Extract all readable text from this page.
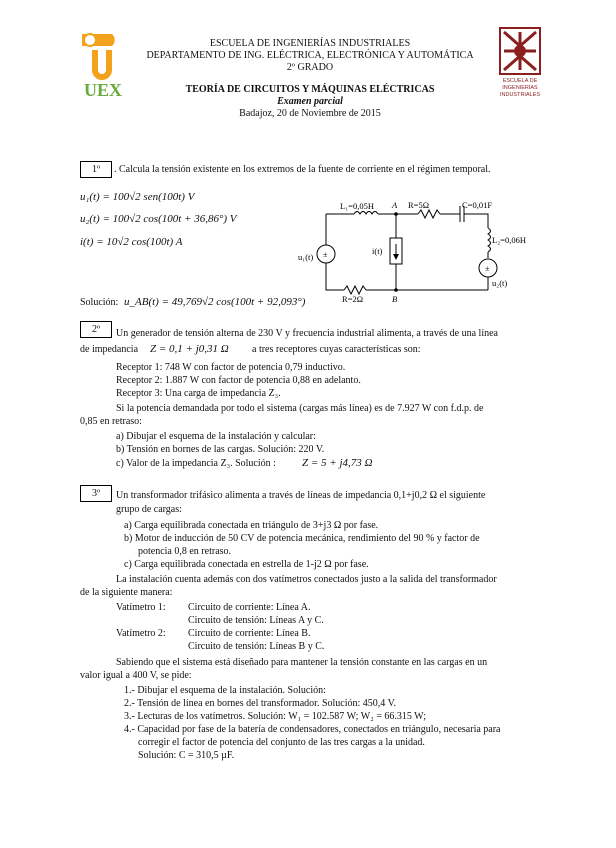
UEX	ESCUELA DE INGENIERÍAS INDUSTRIALES
ESCUELA DE INGENIERÍAS INDUSTRIALES
DEPARTAMENTO DE ING. ELÉCTRICA, ELECTRÓNICA Y AUTOMÁTICA
2º GRADO
TEORÍA DE CIRCUITOS Y MÁQUINAS ELÉCTRICAS
Examen parcial
Badajoz, 20 de Noviembre de 2015
1º	. Calcula la tensión existente en los extremos de la fuente de corriente en el régimen temporal.
u₁(t) = 100√2 sen(100t) V
u₂(t) = 100√2 cos(100t + 36,86°) V
i(t) = 10√2 cos(100t) A
±
±
L₁=0,05H A R=5Ω	C=0,01F
L₂=0,06H
i(t)
u₁(t)
u₂(t)
R=2Ω	B
Solución: u_AB(t) = 49,769√2 cos(100t + 92,093°)
2º	Un generador de tensión alterna de 230 V y frecuencia industrial alimenta, a través de una línea
de impedancia Z = 0,1 + j0,31 Ω a tres receptores cuyas características son:
Receptor 1: 748 W con factor de potencia 0,79 inductivo.
Receptor 2: 1.887 W con factor de potencia 0,88 en adelanto.
Receptor 3: Una carga de impedancia Z₃.
Si la potencia demandada por todo el sistema (cargas más línea) es de 7.927 W con f.d.p. de
0,85 en retraso:
a) Dibujar el esquema de la instalación y calcular:
b) Tensión en bornes de las cargas. Solución: 220 V.
c) Valor de la impedancia Z₃. Solución : Z = 5 + j4,73 Ω
3º	Un transformador trifásico alimenta a través de líneas de impedancia 0,1+j0,2 Ω el siguiente
grupo de cargas:
a) Carga equilibrada conectada en triángulo de 3+j3 Ω por fase.
b) Motor de inducción de 50 CV de potencia mecánica, rendimiento del 90 % y factor de
potencia 0,8 en retraso.
c) Carga equilibrada conectada en estrella de 1-j2 Ω por fase.
La instalación cuenta además con dos vatímetros conectados justo a la salida del transformador
de la siguiente manera:
Vatímetro 1: Circuito de corriente: Línea A.
Circuito de tensión: Líneas A y C.
Vatímetro 2: Circuito de corriente: Línea B.
Circuito de tensión: Líneas B y C.
Sabiendo que el sistema está diseñado para mantener la tensión constante en las cargas en un
valor igual a 400 V, se pide:
1.- Dibujar el esquema de la instalación. Solución:
2.- Tensión de línea en bornes del transformador. Solución: 450,4 V.
3.- Lecturas de los vatímetros. Solución: W₁ = 102.587 W; W₂ = 66.315 W;
4.- Capacidad por fase de la batería de condensadores, conectados en triángulo, necesaria para
corregir el factor de potencia del conjunto de las tres cargas a la unidad.
Solución: C = 310,5 µF.
